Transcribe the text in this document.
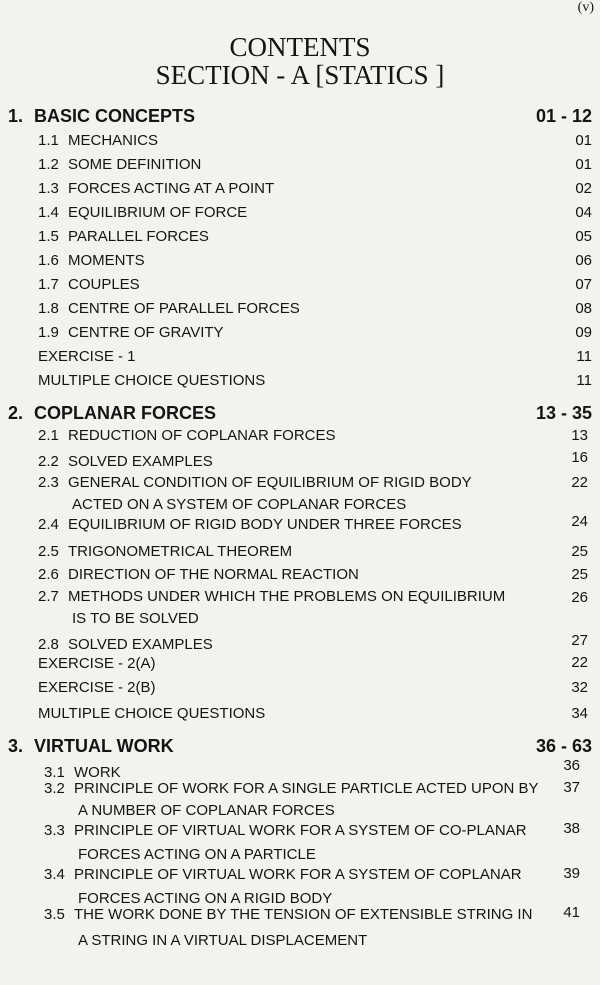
(v)
CONTENTS
SECTION - A [STATICS ]
1. BASIC CONCEPTS	01 - 12
1.1 MECHANICS	01
1.2 SOME DEFINITION	01
1.3 FORCES ACTING AT A POINT	02
1.4 EQUILIBRIUM OF FORCE	04
1.5 PARALLEL FORCES	05
1.6 MOMENTS	06
1.7 COUPLES	07
1.8 CENTRE OF PARALLEL FORCES	08
1.9 CENTRE OF GRAVITY	09
EXERCISE - 1	11
MULTIPLE CHOICE QUESTIONS	11
2. COPLANAR FORCES	13 - 35
2.1 REDUCTION OF COPLANAR FORCES	13
2.2 SOLVED EXAMPLES	16
2.3 GENERAL CONDITION OF EQUILIBRIUM OF RIGID BODY
ACTED ON A SYSTEM OF COPLANAR FORCES
22
2.4 EQUILIBRIUM OF RIGID BODY UNDER THREE FORCES	24
2.5 TRIGONOMETRICAL THEOREM	25
2.6 DIRECTION OF THE NORMAL REACTION	25
2.7 METHODS UNDER WHICH THE PROBLEMS ON EQUILIBRIUM
IS TO BE SOLVED
26
2.8 SOLVED EXAMPLES	27
EXERCISE - 2(A)	22
EXERCISE - 2(B)	32
MULTIPLE CHOICE QUESTIONS	34
3. VIRTUAL WORK	36 - 63
3.1 WORK	36
3.2 PRINCIPLE OF WORK FOR A SINGLE PARTICLE ACTED UPON BY
A NUMBER OF COPLANAR FORCES
37
3.3 PRINCIPLE OF VIRTUAL WORK FOR A SYSTEM OF CO-PLANAR
FORCES ACTING ON A PARTICLE
38
3.4 PRINCIPLE OF VIRTUAL WORK FOR A SYSTEM OF COPLANAR
FORCES ACTING ON A RIGID BODY
39
3.5 THE WORK DONE BY THE TENSION OF EXTENSIBLE STRING IN
A STRING IN A VIRTUAL DISPLACEMENT
41
